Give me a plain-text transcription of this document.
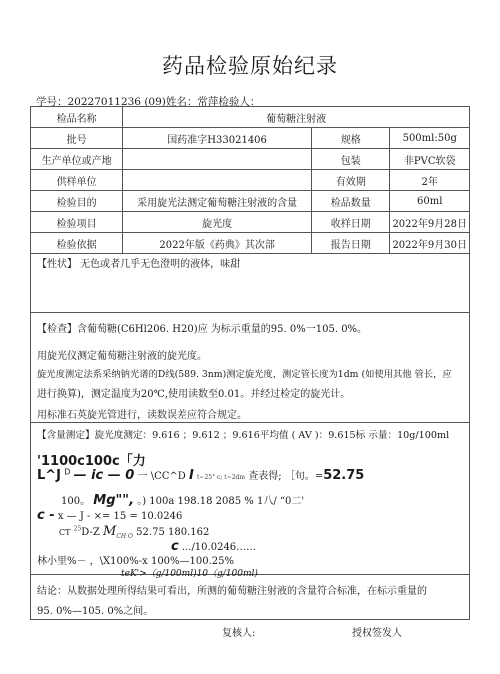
药品检验原始纪录
学号：20227011236 (09)姓名：常萍检验人：
检品名称	葡萄糖注射液		
批号	国药准字H33021406	规格	500ml:50g
生产单位或产地		包装	非PVC软袋
供样单位		有效期	2年
检验目的	采用旋光法测定葡萄糖注射液的含量	检品数量	60ml
检验项目	旋光度	收样日期	2022年9月28日
检验依据	2022年版《药典》其次部	报告日期	2022年9月30日
【性状】 无色或者几乎无色澄明的液体，味甜
【检查】含葡萄糖(C6Hl206. H20)应 为标示重量的95. 0%一105. 0%。
用旋光仪测定葡萄糖注射液的旋光度。
旋光度测定法系采纳钠光谱的D线(589. 3nm)测定旋光度，测定管长度为1dm (如使用其他 管长，应
进行换算)，测定温度为20℃,使用读数至0.01。并经过检定的旋光计。
用标准石英旋光管进行，读数误差应符合规定。
【含量测定】旋光度测定：9.616 ；9.612 ；9.616平均值 ( AV )：9.615标 示量：10g/100ml
'1100c100c「力
L^J $^D$ — ic — 0 一 \CC^D I t~25° c; t~2dm 查表得; ［旬。=52.75
100。 Mg"", 。) 100a 198.18 2085 % 1八/ “0二'
c - x — J - ×= 15 = 10.0246
CT $^{25}$D-Z $M_{CH O}$ 52.75 180.162
c .../10.0246……
林小里%－ ，\X100%-x 100%—100.25%
teK'>（g/100ml)10（g/100ml)
结论：从数据处理所得结果可看出，所测的葡萄糖注射液的含量符合标准，在标示重量的
95. 0%—105. 0%之间。
复核人:	授权签发人
